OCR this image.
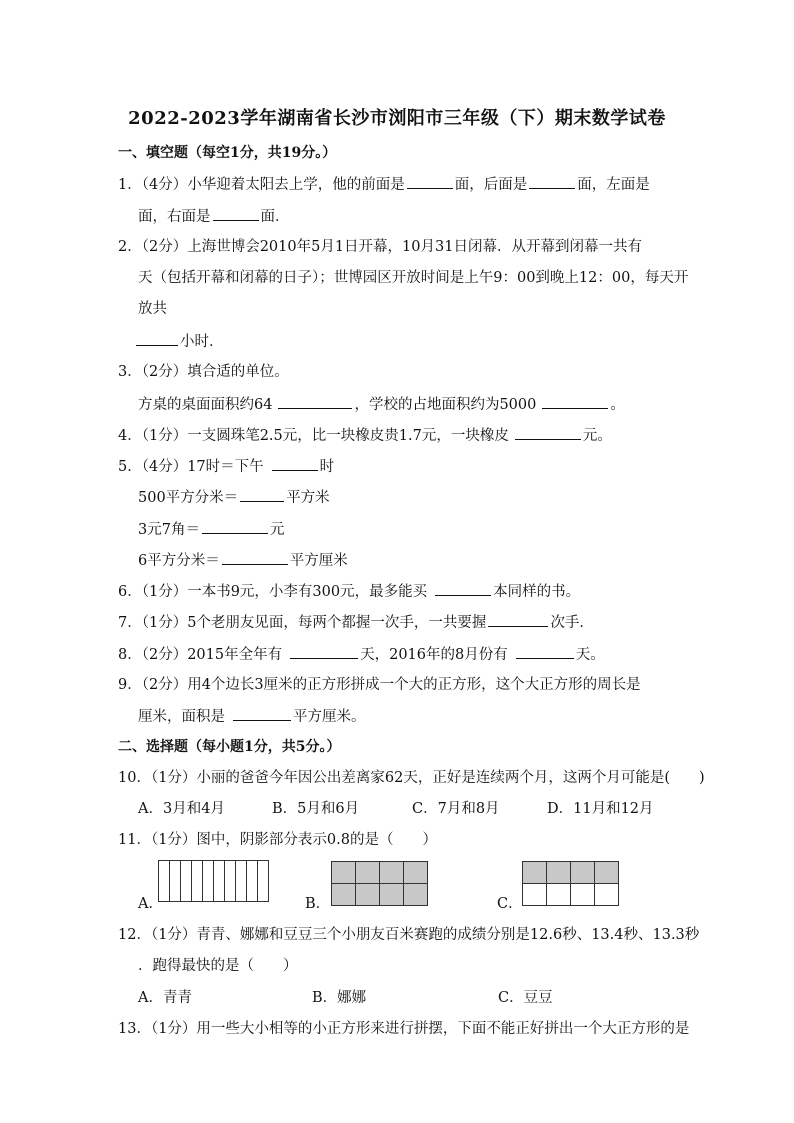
2022-2023学年湖南省长沙市浏阳市三年级（下）期末数学试卷
一、填空题（每空1分，共19分。）
1．（4分）小华迎着太阳去上学，他的前面是	面，后面是	面，左面是
面，右面是	面．
2．（2分）上海世博会2010年5月1日开幕，10月31日闭幕．从开幕到闭幕一共有
天（包括开幕和闭幕的日子）；世博园区开放时间是上午9：00到晚上12：00，每天开
放共
小时．
3．（2分）填合适的单位。
方桌的桌面面积约64	，学校的占地面积约为5000	。
4．（1分）一支圆珠笔2.5元，比一块橡皮贵1.7元，一块橡皮	元。
5．（4分）17时＝下午	时
500平方分米＝	平方米
3元7角＝	元
6平方分米＝	平方厘米
6．（1分）一本书9元，小李有300元，最多能买	本同样的书。
7．（1分）5个老朋友见面，每两个都握一次手，一共要握	次手．
8．（2分）2015年全年有	天，2016年的8月份有	天。
9．（2分）用4个边长3厘米的正方形拼成一个大的正方形，这个大正方形的周长是
厘米，面积是	平方厘米。
二、选择题（每小题1分，共5分。）
10．（1分）小丽的爸爸今年因公出差离家62天，正好是连续两个月，这两个月可能是(　　)
A．3月和4月	B．5月和6月	C．7月和8月	D．11月和12月
11．（1分）图中，阴影部分表示0.8的是（　　）
A．	B．	C．
12．（1分）青青、娜娜和豆豆三个小朋友百米赛跑的成绩分别是12.6秒、13.4秒、13.3秒
．跑得最快的是（　　）
A．青青	B．娜娜	C．豆豆
13．（1分）用一些大小相等的小正方形来进行拼摆，下面不能正好拼出一个大正方形的是
